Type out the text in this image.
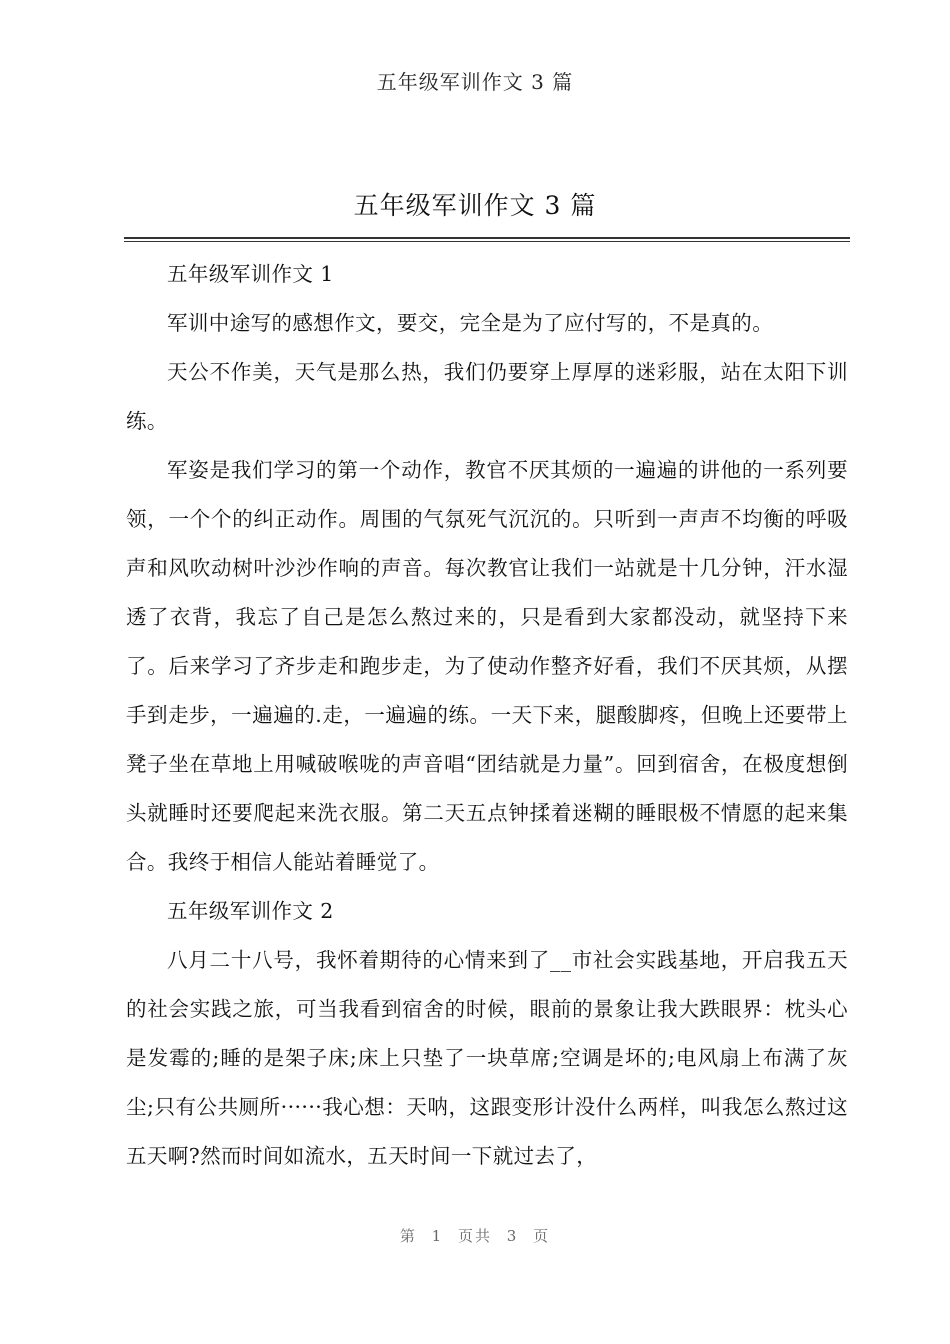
五年级军训作文 3 篇
五年级军训作文 3 篇

五年级军训作文 1

军训中途写的感想作文，要交，完全是为了应付写的，不是真的。

天公不作美，天气是那么热，我们仍要穿上厚厚的迷彩服，站在太阳下训练。

军姿是我们学习的第一个动作，教官不厌其烦的一遍遍的讲他的一系列要领，一个个的纠正动作。周围的气氛死气沉沉的。只听到一声声不均衡的呼吸声和风吹动树叶沙沙作响的声音。每次教官让我们一站就是十几分钟，汗水湿透了衣背，我忘了自己是怎么熬过来的，只是看到大家都没动，就坚持下来了。后来学习了齐步走和跑步走，为了使动作整齐好看，我们不厌其烦，从摆手到走步，一遍遍的.走，一遍遍的练。一天下来，腿酸脚疼，但晚上还要带上凳子坐在草地上用喊破喉咙的声音唱“团结就是力量”。回到宿舍，在极度想倒头就睡时还要爬起来洗衣服。第二天五点钟揉着迷糊的睡眼极不情愿的起来集合。我终于相信人能站着睡觉了。

五年级军训作文 2

八月二十八号，我怀着期待的心情来到了__市社会实践基地，开启我五天的社会实践之旅，可当我看到宿舍的时候，眼前的景象让我大跌眼界：枕头心是发霉的;睡的是架子床;床上只垫了一块草席;空调是坏的;电风扇上布满了灰尘;只有公共厕所······我心想：天呐，这跟变形计没什么两样，叫我怎么熬过这五天啊?然而时间如流水，五天时间一下就过去了，

第 1 页共 3 页
